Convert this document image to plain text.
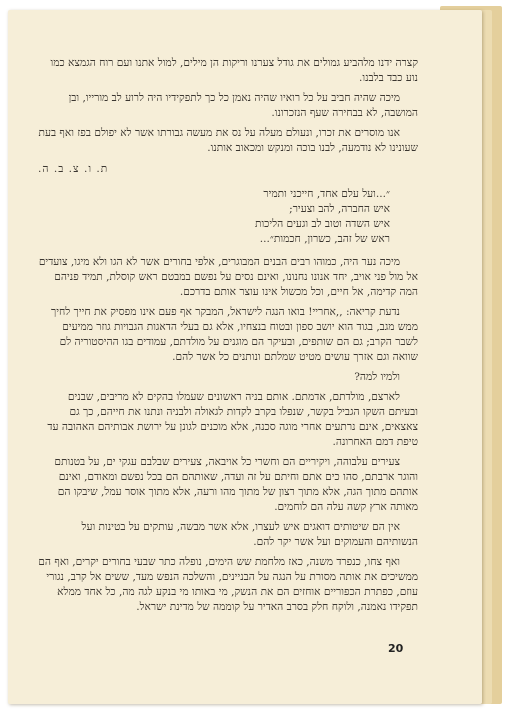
קצרה ידנו מלהביע גמולים את גודל צערנו וריקות הן מילים, למול אתנו ועם רוח הגמצא כמו נוע כבד בלבנו.

מיכה שהיה חביב על כל רואיו שהיה נאמן כל כך לתפקידיו היה לרוע לב מורייו, ובן המושבה, לא בבחירה שעף הנזכרונו.

אנו מוסרים את זכרו, ונעולם מעלה על נס את מעשה גבורתו אשר לא יפולם בפז ואף בעת שעונינו לא נודמעה, לבנו בוכה ומנקש ומכאוב אותנו.

ת. ו. צ. ב. ה.
״...ועל עלם אחד, חייכני ותמיר
איש החברה, להב וצעיר;
איש השדה וטוב לב וגעים הליכות
ראש של זהב, כשרון, חכמות״...

מיכה נער היה, כמוהו רבים הבנים המבוגרים, אלפי בחורים אשר לא הגו ולא מיגו, צועדים אל מול פני אויב, יחד אנונו נחנונו, ואינם נסים על נפשם במבטם ראש קוסלת, תמיד פניהם המה קדימה, אל חיים, וכל מכשול אינו עוצר אותם בדרכם.

נדעת קריאה: ,,אחריי! בואו הנגה לישראל, המבקר אף פעם אינו מפסיק את חייך לחיך ממש מגב, בגוד הוא יושב ספון ובטוח בנצחיו, אלא גם בעלי הדאגות הגבויות גוזר ממיעים לשבר הקרב; גם הם שותפים, ובעיקר הם מוגנים על מולדתם, עמודים בגו ההיסטוריה לם שוואה וגם אזרך עושים מטיט שמלתם ונותנים כל אשר להם.

ולמיו למה?

לארצם, מולדתם, אדמתם. אותם בניה ראשונים שעמלו בהקים לא מריבים, שבנים ובעיתם השקו הגביל בקשר, שנפלו בקרב לקדות לגאולה ולבניה ונתנו את חייהם, כך גם צאצאים, אינם נרתעים אחרי מוגה סכנה, אלא מוכנים לגונן על ירושת אבותיהם האהובה עד טיפת דמם האחרונה.

צעירים עלבוהה, ויקיריים הם וחשרי כל אויבאה, צעירים שבלבם עגקי ים, על בטנותם והוגר ארבתם, סהו כים אתם וחיתם על זה ועדה, שאותהם הם בכל נפשם ומאודם, ואינם אותהם מתוך הגה, אלא מתוך רצון של מתוך מהו ורעה, אלא מתוך אוסר עמל, שיבקו הם מאותה ארץ קשה עלה הם לוחמים.

אין הם שיטותים דואגים איש לעצרו, אלא אשר מבשה, עותקים על בטינות ועל הנשותיהם והעמוקים ועל אשר יקר להם.

ואף צחו, כנפרד משנה, כאז מלחמת שש הימים, נופלה כתר שבעי בחורים יקרים, ואף הם ממשיכים את אותה מסורת על הנגה על הבניינים, והשלכה הנפש מעד, ששים אל קרב, נגורי עוזם, כפתרת הכפוריים אוחזים הם את הנשק, מי באותו מי בנקע לגה מה, כל אחד ממלא תפקידו נאמנה, ולוקח חלק בסרב האדיר על קוממה של מדינת ישראל.

20
